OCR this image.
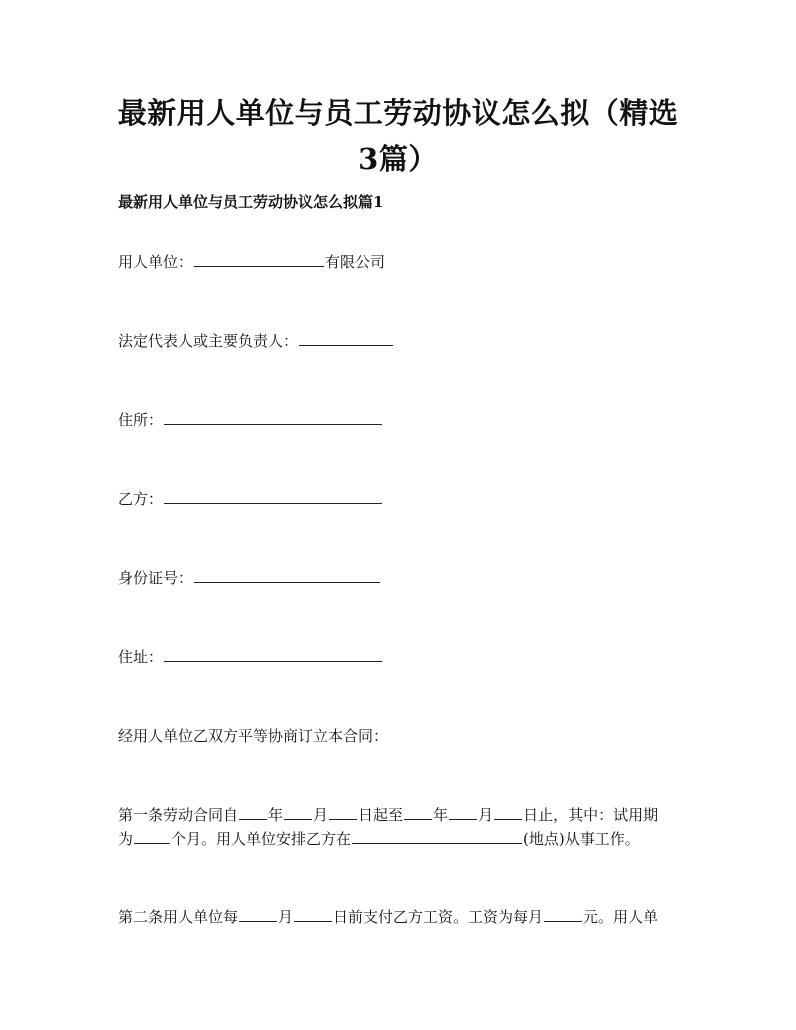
最新用人单位与员工劳动协议怎么拟（精选
3篇）
最新用人单位与员工劳动协议怎么拟篇1
用人单位：	有限公司
法定代表人或主要负责人：
住所：
乙方：
身份证号：
住址：
经用人单位乙双方平等协商订立本合同：
第一条劳动合同自 年 月 日起至 年 月 日止，其中：试用期
为	个月。用人单位安排乙方在	(地点)从事工作。
第二条用人单位每	月	日前支付乙方工资。工资为每月	元。用人单
